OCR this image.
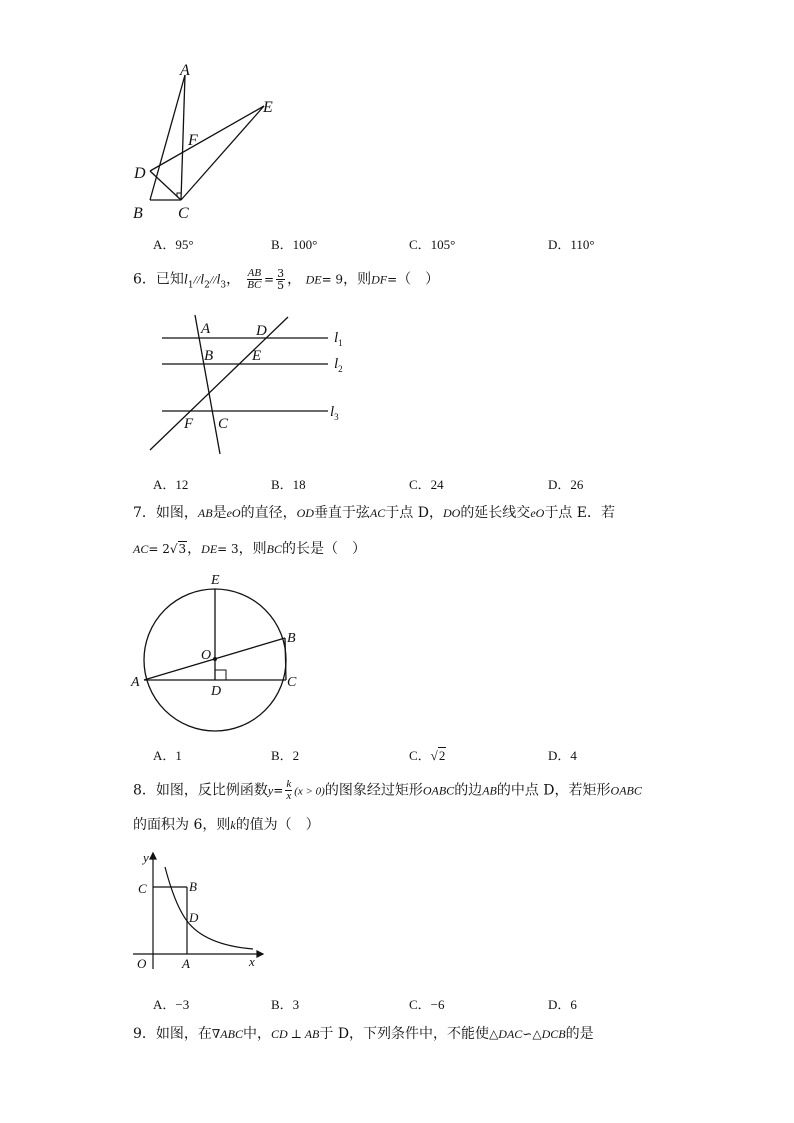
A
E
F
D
B C
A．95°	B．100°	C．105°	D．110°
6．已知$l_1//l_2//l_3$， $\frac{AB}{BC} = \frac{3}{5}$ ， DE= 9，则DF=（　）
A	D
B	E
F C
$l_1$
$l_2$
$l_3$
A．12	B．18	C．24	D．26
7．如图，AB是eO的直径，OD垂直于弦AC于点 D，DO的延长线交eO于点 E．若
AC= 2√3，DE= 3，则BC的长是（　）
E
B
O
A
D
C
A．1	B．2	C．√2	D．4
8．如图，反比例函数$y= \frac{k}{x} (x > 0)$的图象经过矩形OABC的边AB的中点 D，若矩形OABC
的面积为 6，则k的值为（　）
y
C	B
D
O	A	x
A．−3	B．3	C．−6	D．6
9．如图，在∇ABC中，CD ⊥ AB于 D，下列条件中，不能使△DAC∽△DCB的是
